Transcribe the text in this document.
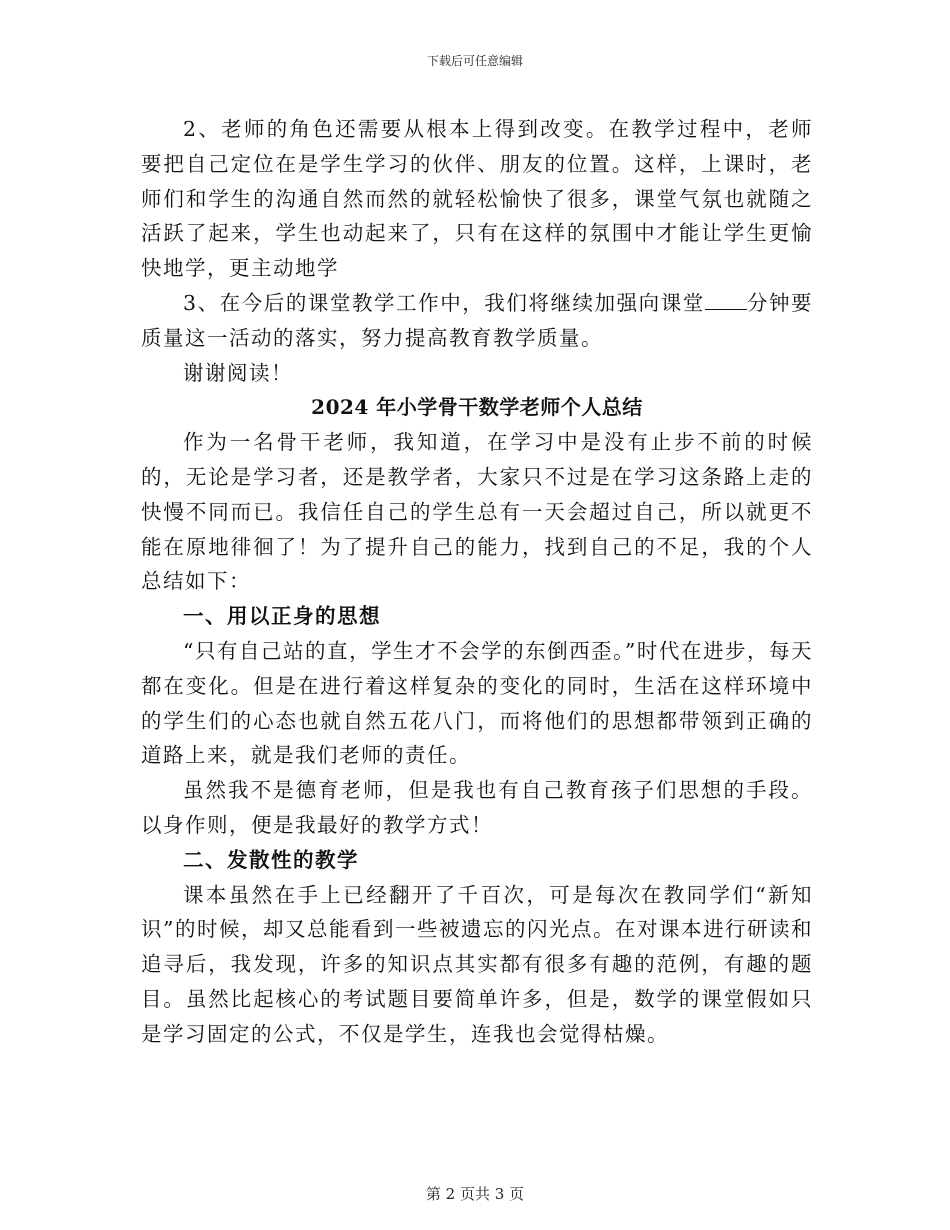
下载后可任意编辑

2、老师的角色还需要从根本上得到改变。在教学过程中，老师要把自己定位在是学生学习的伙伴、朋友的位置。这样，上课时，老师们和学生的沟通自然而然的就轻松愉快了很多，课堂气氛也就随之活跃了起来，学生也动起来了，只有在这样的氛围中才能让学生更愉快地学，更主动地学

3、在今后的课堂教学工作中，我们将继续加强向课堂 分钟要质量这一活动的落实，努力提高教育教学质量。

谢谢阅读！

2024 年小学骨干数学老师个人总结

作为一名骨干老师，我知道，在学习中是没有止步不前的时候的，无论是学习者，还是教学者，大家只不过是在学习这条路上走的快慢不同而已。我信任自己的学生总有一天会超过自己，所以就更不能在原地徘徊了！为了提升自己的能力，找到自己的不足，我的个人总结如下：

一、用以正身的思想

“只有自己站的直，学生才不会学的东倒西歪。”时代在进步，每天都在变化。但是在进行着这样复杂的变化的同时，生活在这样环境中的学生们的心态也就自然五花八门，而将他们的思想都带领到正确的道路上来，就是我们老师的责任。

虽然我不是德育老师，但是我也有自己教育孩子们思想的手段。以身作则，便是我最好的教学方式！

二、发散性的教学

课本虽然在手上已经翻开了千百次，可是每次在教同学们“新知识”的时候，却又总能看到一些被遗忘的闪光点。在对课本进行研读和追寻后，我发现，许多的知识点其实都有很多有趣的范例，有趣的题目。虽然比起核心的考试题目要简单许多，但是，数学的课堂假如只是学习固定的公式，不仅是学生，连我也会觉得枯燥。

第 2 页共 3 页
